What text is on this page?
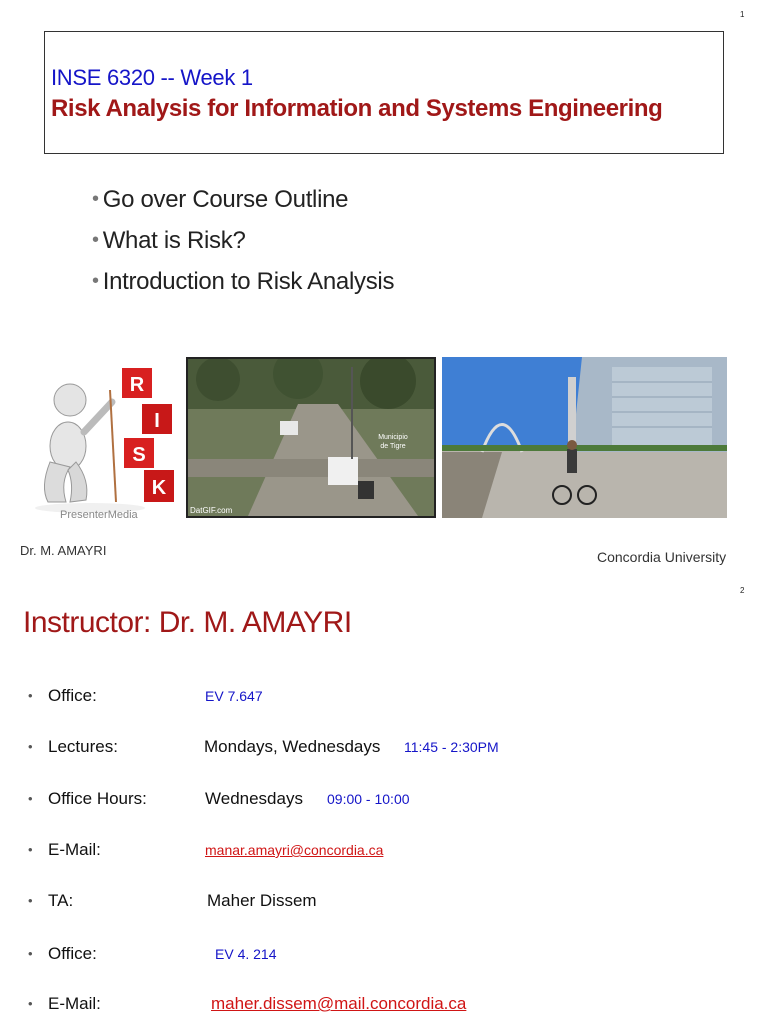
1
INSE 6320 -- Week 1
Risk Analysis for Information and Systems Engineering
• Go over Course Outline
• What is Risk?
• Introduction to Risk Analysis
R
I
S
K
PresenterMedia
Municipio
de Tigre
DatGIF.com
Dr. M. AMAYRI	Concordia University
2
Instructor: Dr. M. AMAYRI
• Office:	EV 7.647
• Lectures:	Mondays, Wednesdays 11:45 - 2:30PM
• Office Hours:	Wednesdays 09:00 - 10:00
• E-Mail:	manar.amayri@concordia.ca
• TA:	Maher Dissem
• Office:	EV 4. 214
• E-Mail:	maher.dissem@mail.concordia.ca
